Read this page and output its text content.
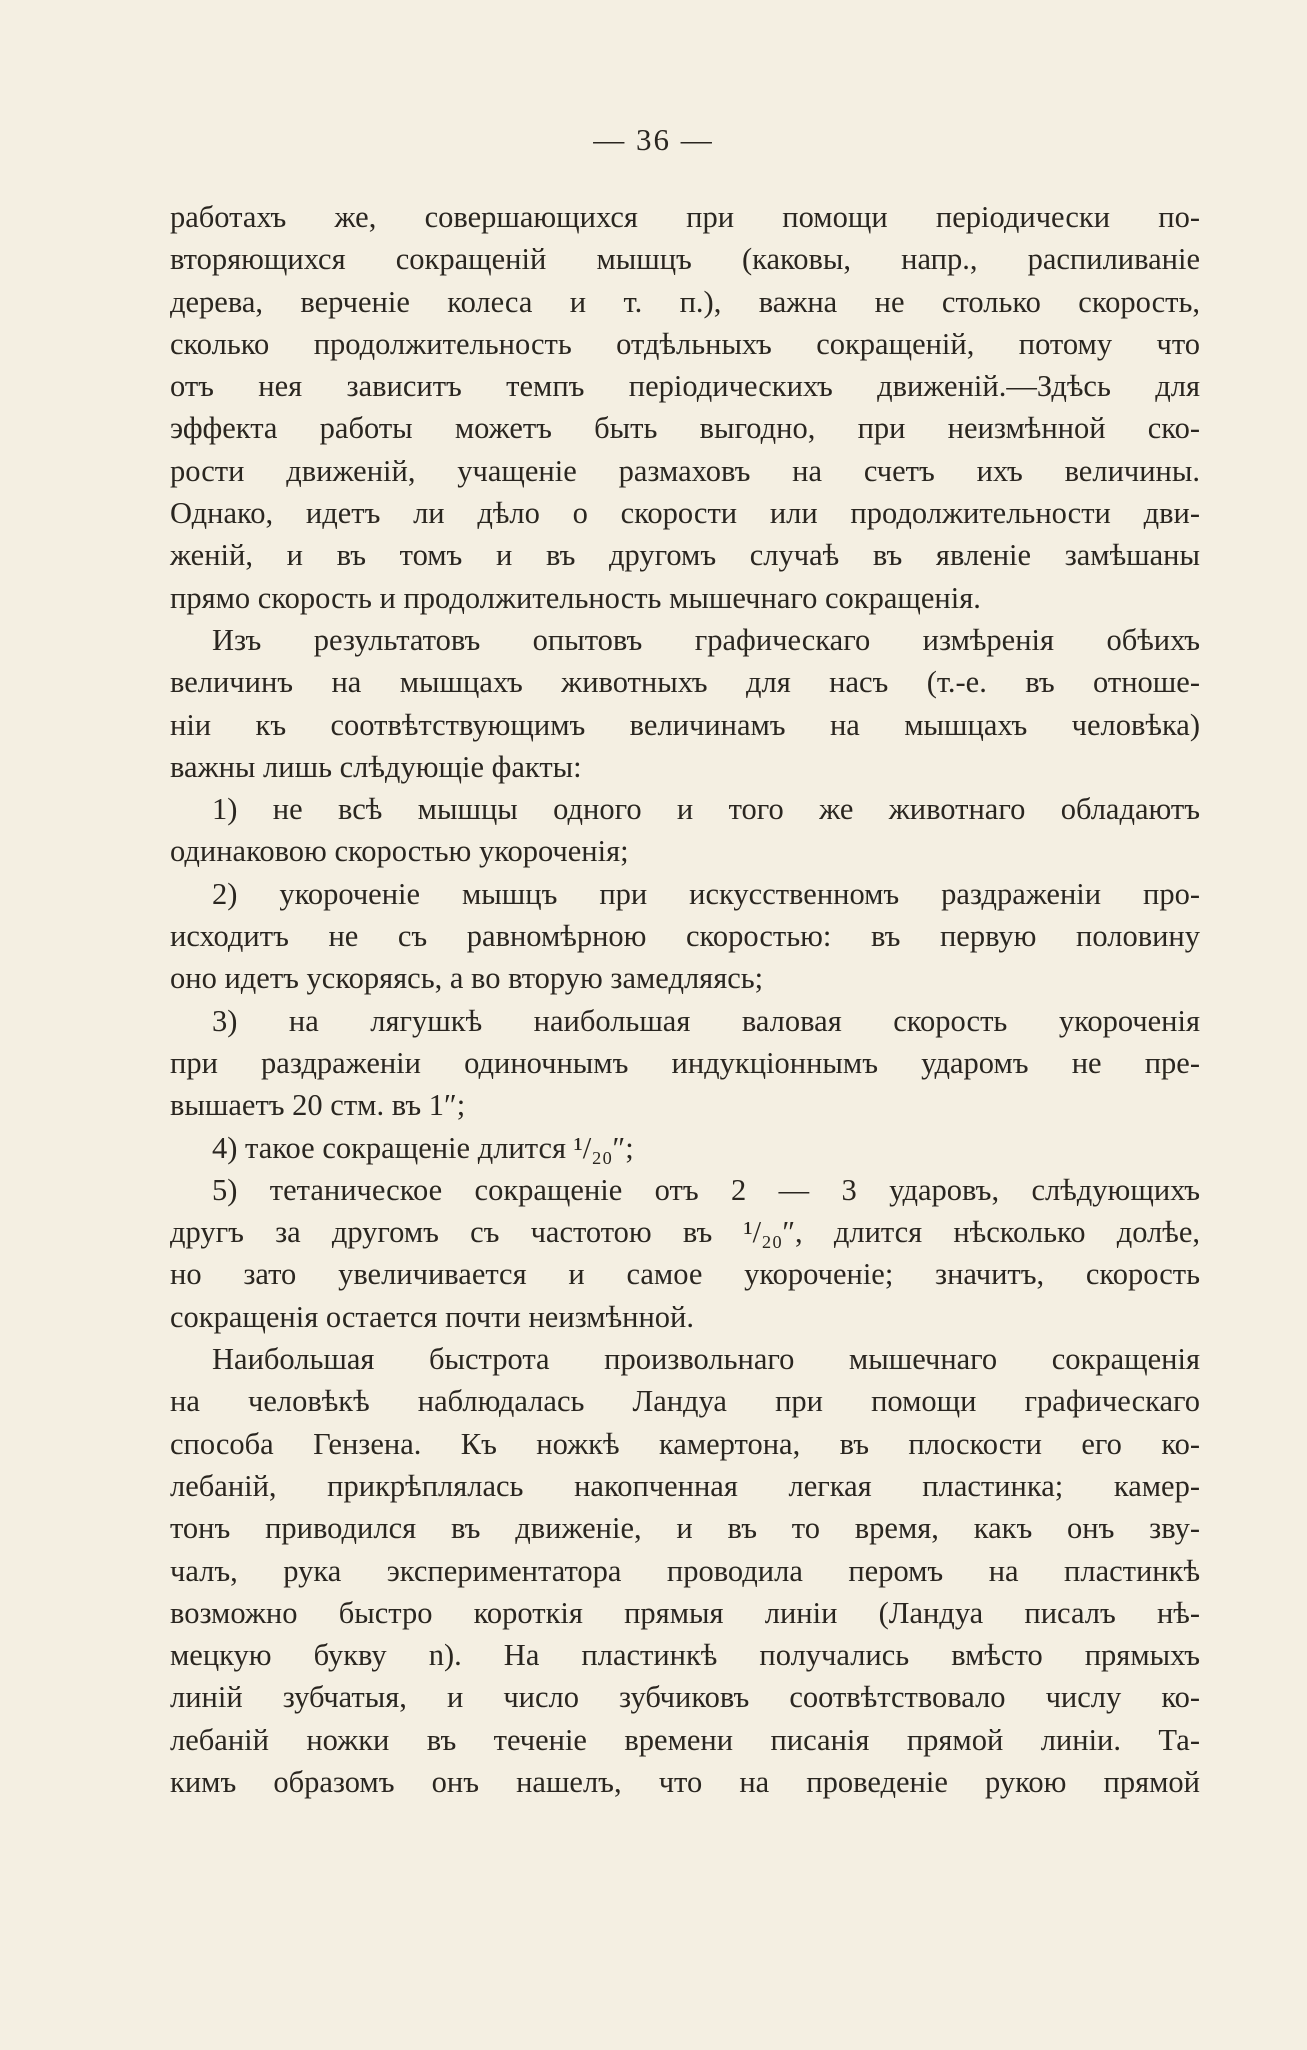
— 36 —
работахъ же, совершающихся при помощи періодически по-
вторяющихся сокращеній мышцъ (каковы, напр., распиливаніе
дерева, верченіе колеса и т. п.), важна не столько скорость,
сколько продолжительность отдѣльныхъ сокращеній, потому что
отъ нея зависитъ темпъ періодическихъ движеній.—Здѣсь для
эффекта работы можетъ быть выгодно, при неизмѣнной ско-
рости движеній, учащеніе размаховъ на счетъ ихъ величины.
Однако, идетъ ли дѣло о скорости или продолжительности дви-
женій, и въ томъ и въ другомъ случаѣ въ явленіе замѣшаны
прямо скорость и продолжительность мышечнаго сокращенія.
Изъ результатовъ опытовъ графическаго измѣренія обѣихъ
величинъ на мышцахъ животныхъ для насъ (т.-е. въ отноше-
ніи къ соотвѣтствующимъ величинамъ на мышцахъ человѣка)
важны лишь слѣдующіе факты:
1) не всѣ мышцы одного и того же животнаго обладаютъ
одинаковою скоростью укороченія;
2) укороченіе мышцъ при искусственномъ раздраженіи про-
исходитъ не съ равномѣрною скоростью: въ первую половину
оно идетъ ускоряясь, а во вторую замедляясь;
3) на лягушкѣ наибольшая валовая скорость укороченія
при раздраженіи одиночнымъ индукціоннымъ ударомъ не пре-
вышаетъ 20 стм. въ 1″;
4) такое сокращеніе длится ¹/₂₀″;
5) тетаническое сокращеніе отъ 2 — 3 ударовъ, слѣдующихъ
другъ за другомъ съ частотою въ ¹/₂₀″, длится нѣсколько долѣе,
но зато увеличивается и самое укороченіе; значитъ, скорость
сокращенія остается почти неизмѣнной.
Наибольшая быстрота произвольнаго мышечнаго сокращенія
на человѣкѣ наблюдалась Ландуа при помощи графическаго
способа Гензена. Къ ножкѣ камертона, въ плоскости его ко-
лебаній, прикрѣплялась накопченная легкая пластинка; камер-
тонъ приводился въ движеніе, и въ то время, какъ онъ зву-
чалъ, рука экспериментатора проводила перомъ на пластинкѣ
возможно быстро короткія прямыя линіи (Ландуа писалъ нѣ-
мецкую букву n). На пластинкѣ получались вмѣсто прямыхъ
линій зубчатыя, и число зубчиковъ соотвѣтствовало числу ко-
лебаній ножки въ теченіе времени писанія прямой линіи. Та-
кимъ образомъ онъ нашелъ, что на проведеніе рукою прямой
